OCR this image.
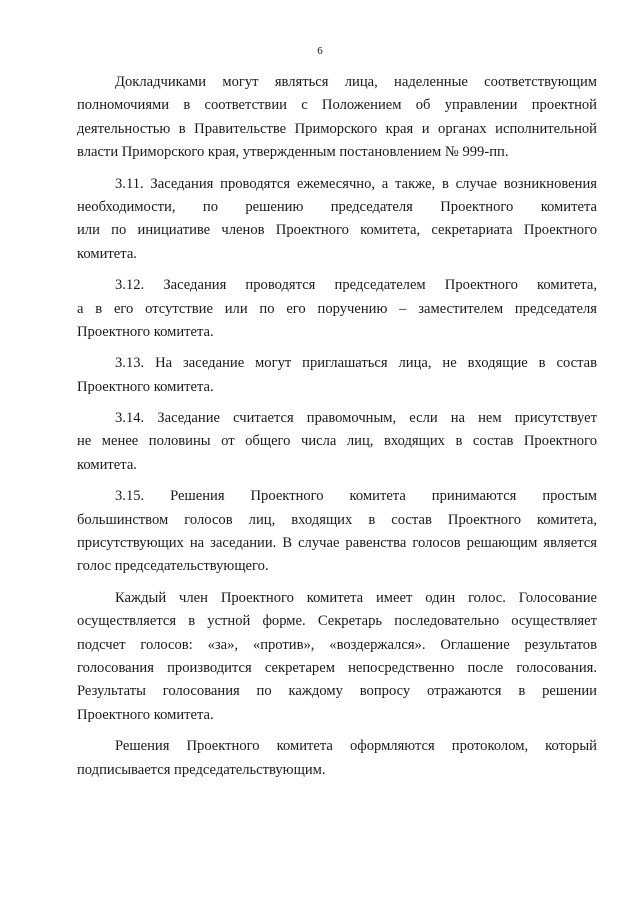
6
Докладчиками могут являться лица, наделенные соответствующим
полномочиями в соответствии с Положением об управлении проектной
деятельностью в Правительстве Приморского края и органах исполнительной
власти Приморского края, утвержденным постановлением № 999-пп.
3.11. Заседания проводятся ежемесячно, а также, в случае возникновения
необходимости, по решению председателя Проектного комитета
или по инициативе членов Проектного комитета, секретариата Проектного
комитета.
3.12. Заседания проводятся председателем Проектного комитета,
а в его отсутствие или по его поручению – заместителем председателя
Проектного комитета.
3.13. На заседание могут приглашаться лица, не входящие в состав
Проектного комитета.
3.14. Заседание считается правомочным, если на нем присутствует
не менее половины от общего числа лиц, входящих в состав Проектного
комитета.
3.15. Решения Проектного комитета принимаются простым
большинством голосов лиц, входящих в состав Проектного комитета,
присутствующих на заседании. В случае равенства голосов решающим является
голос председательствующего.
Каждый член Проектного комитета имеет один голос. Голосование
осуществляется в устной форме. Секретарь последовательно осуществляет
подсчет голосов: «за», «против», «воздержался». Оглашение результатов
голосования производится секретарем непосредственно после голосования.
Результаты голосования по каждому вопросу отражаются в решении
Проектного комитета.
Решения Проектного комитета оформляются протоколом, который
подписывается председательствующим.
